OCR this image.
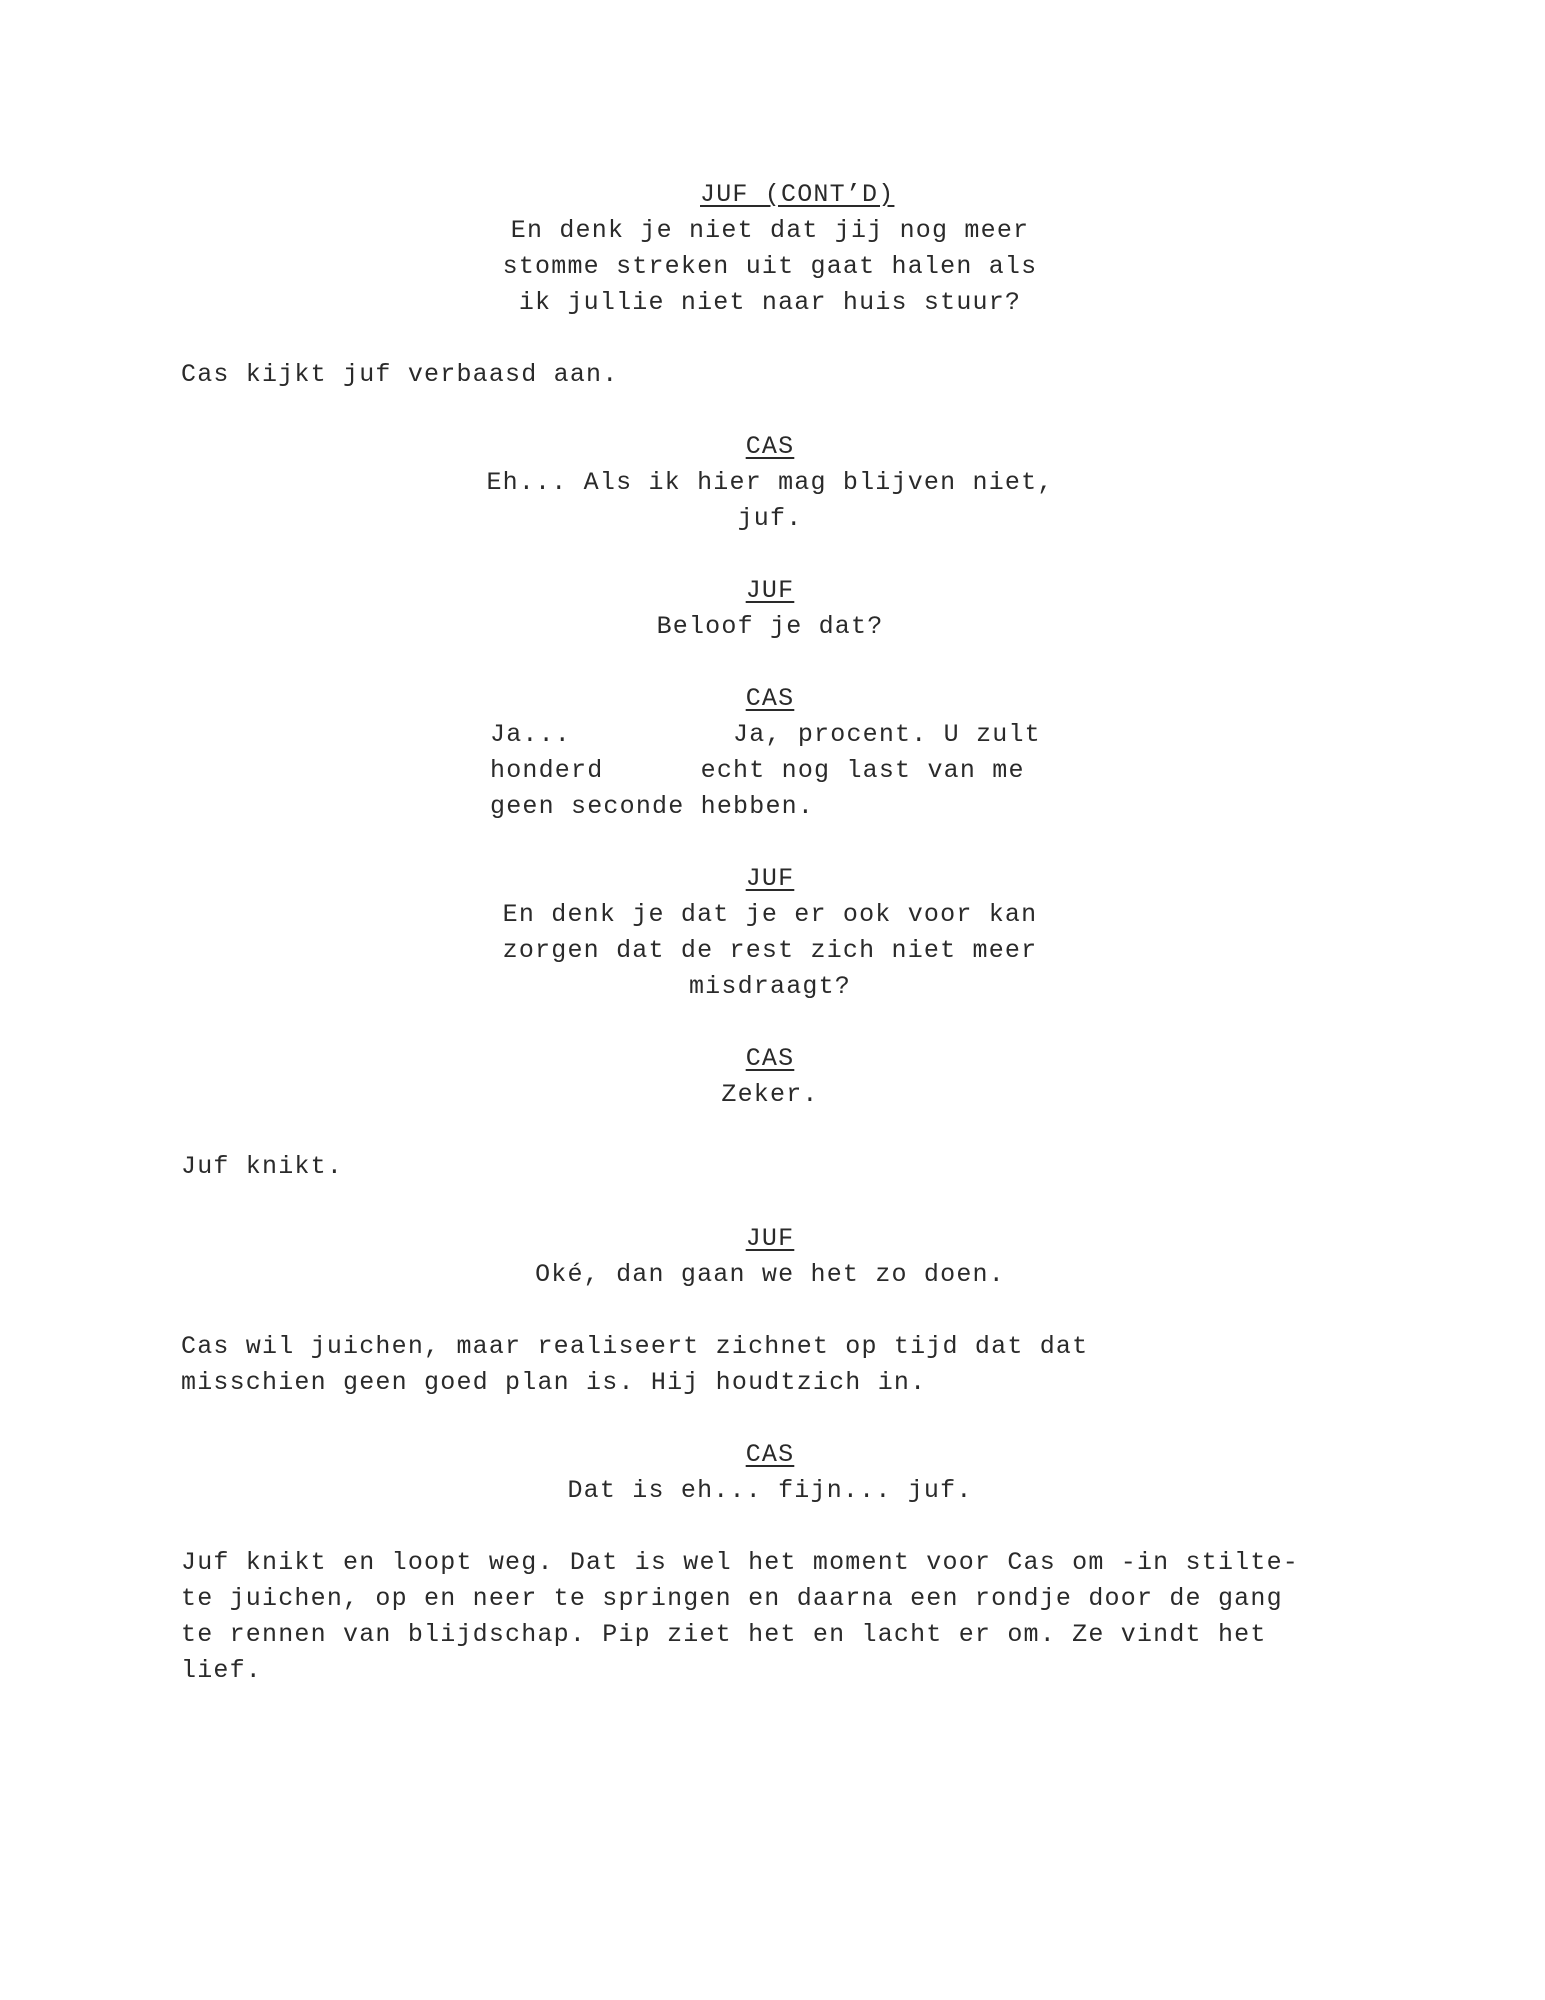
JUF (CONT’D)

En denk je niet dat jij nog meer
stomme streken uit gaat halen als
ik jullie niet naar huis stuur?

Cas kijkt juf verbaasd aan.

CAS

Eh... Als ik hier mag blijven niet,
juf.

JUF

Beloof je dat?

CAS

Ja...          Ja, procent. U zult
honderd      echt nog last van me
geen seconde hebben.

JUF

En denk je dat je er ook voor kan
zorgen dat de rest zich niet meer
misdraagt?

CAS

Zeker.

Juf knikt.

JUF

Oké, dan gaan we het zo doen.

Cas wil juichen, maar realiseert zichnet op tijd dat dat
misschien geen goed plan is. Hij houdtzich in.

CAS

Dat is eh... fijn... juf.

Juf knikt en loopt weg. Dat is wel het moment voor Cas om -in stilte-
te juichen, op en neer te springen en daarna een rondje door de gang
te rennen van blijdschap. Pip ziet het en lacht er om. Ze vindt het
lief.
